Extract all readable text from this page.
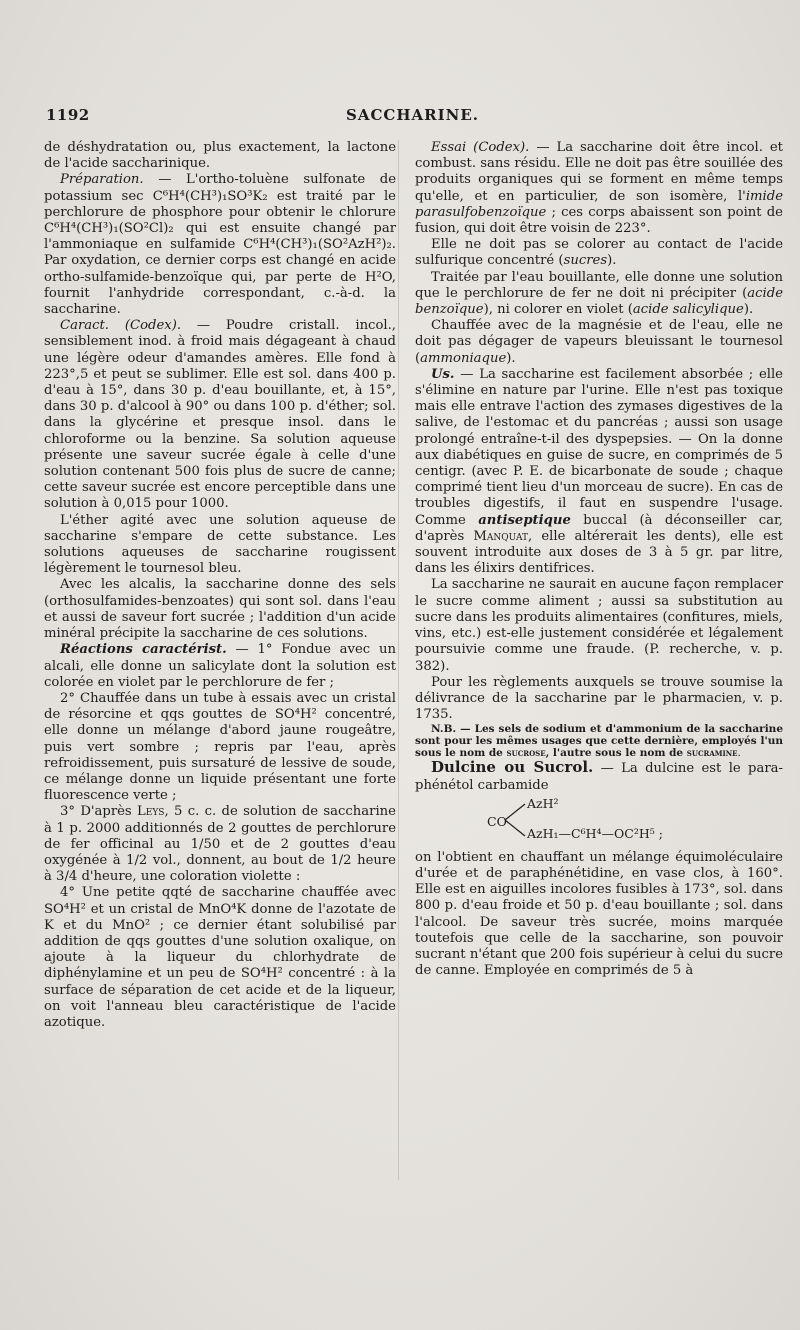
1192	SACCHARINE.

de déshydratation ou, plus exactement, la lactone de l'acide saccharinique.

Préparation. — L'ortho-toluène sulfonate de potassium sec C⁶H⁴(CH³)₁SO³K₂ est traité par le perchlorure de phosphore pour obtenir le chlorure C⁶H⁴(CH³)₁(SO²Cl)₂ qui est ensuite changé par l'ammoniaque en sulfamide C⁶H⁴(CH³)₁(SO²AzH²)₂. Par oxydation, ce dernier corps est changé en acide ortho-sulfamide-benzoïque qui, par perte de H²O, fournit l'anhydride correspondant, c.-à-d. la saccharine.

Caract. (Codex). — Poudre cristall. incol., sensiblement inod. à froid mais dégageant à chaud une légère odeur d'amandes amères. Elle fond à 223°,5 et peut se sublimer. Elle est sol. dans 400 p. d'eau à 15°, dans 30 p. d'eau bouillante, et, à 15°, dans 30 p. d'alcool à 90° ou dans 100 p. d'éther; sol. dans la glycérine et presque insol. dans le chloroforme ou la benzine. Sa solution aqueuse présente une saveur sucrée égale à celle d'une solution contenant 500 fois plus de sucre de canne; cette saveur sucrée est encore perceptible dans une solution à 0,015 pour 1000.

L'éther agité avec une solution aqueuse de saccharine s'empare de cette substance. Les solutions aqueuses de saccharine rougissent légèrement le tournesol bleu.

Avec les alcalis, la saccharine donne des sels (orthosulfamides-benzoates) qui sont sol. dans l'eau et aussi de saveur fort sucrée ; l'addition d'un acide minéral précipite la saccharine de ces solutions.

Réactions caractérist. — 1° Fondue avec un alcali, elle donne un salicylate dont la solution est colorée en violet par le perchlorure de fer ;

2° Chauffée dans un tube à essais avec un cristal de résorcine et qqs gouttes de SO⁴H² concentré, elle donne un mélange d'abord jaune rougeâtre, puis vert sombre ; repris par l'eau, après refroidissement, puis sursaturé de lessive de soude, ce mélange donne un liquide présentant une forte fluorescence verte ;

3° D'après Leys, 5 c. c. de solution de saccharine à 1 p. 2000 additionnés de 2 gouttes de perchlorure de fer officinal au 1/50 et de 2 gouttes d'eau oxygénée à 1/2 vol., donnent, au bout de 1/2 heure à 3/4 d'heure, une coloration violette :

4° Une petite qqté de saccharine chauffée avec SO⁴H² et un cristal de MnO⁴K donne de l'azotate de K et du MnO² ; ce dernier étant solubilisé par addition de qqs gouttes d'une solution oxalique, on ajoute à la liqueur du chlorhydrate de diphénylamine et un peu de SO⁴H² concentré : à la surface de séparation de cet acide et de la liqueur, on voit l'anneau bleu caractéristique de l'acide azotique.

Essai (Codex). — La saccharine doit être incol. et combust. sans résidu. Elle ne doit pas être souillée des produits organiques qui se forment en même temps qu'elle, et en particulier, de son isomère, l'imide parasulfobenzoïque ; ces corps abaissent son point de fusion, qui doit être voisin de 223°.

Elle ne doit pas se colorer au contact de l'acide sulfurique concentré (sucres).

Traitée par l'eau bouillante, elle donne une solution que le perchlorure de fer ne doit ni précipiter (acide benzoïque), ni colorer en violet (acide salicylique).

Chauffée avec de la magnésie et de l'eau, elle ne doit pas dégager de vapeurs bleuissant le tournesol (ammoniaque).

Us. — La saccharine est facilement absorbée ; elle s'élimine en nature par l'urine. Elle n'est pas toxique mais elle entrave l'action des zymases digestives de la salive, de l'estomac et du pancréas ; aussi son usage prolongé entraîne-t-il des dyspepsies. — On la donne aux diabétiques en guise de sucre, en comprimés de 5 centigr. (avec P. E. de bicarbonate de soude ; chaque comprimé tient lieu d'un morceau de sucre). En cas de troubles digestifs, il faut en suspendre l'usage. Comme antiseptique buccal (à déconseiller car, d'après Manquat, elle altérerait les dents), elle est souvent introduite aux doses de 3 à 5 gr. par litre, dans les élixirs dentifrices.

La saccharine ne saurait en aucune façon remplacer le sucre comme aliment ; aussi sa substitution au sucre dans les produits alimentaires (confitures, miels, vins, etc.) est-elle justement considérée et légalement poursuivie comme une fraude. (P. recherche, v. p. 382).

Pour les règlements auxquels se trouve soumise la délivrance de la saccharine par le pharmacien, v. p. 1735.

N.B. — Les sels de sodium et d'ammonium de la saccharine sont pour les mêmes usages que cette dernière, employés l'un sous le nom de sucrose, l'autre sous le nom de sucramine.

Dulcine ou Sucrol. — La dulcine est le para-phénétol carbamide

CO
AzH²
AzH₁—C⁶H⁴—OC²H⁵ ;

on l'obtient en chauffant un mélange équimoléculaire d'urée et de paraphénétidine, en vase clos, à 160°. Elle est en aiguilles incolores fusibles à 173°, sol. dans 800 p. d'eau froide et 50 p. d'eau bouillante ; sol. dans l'alcool. De saveur très sucrée, moins marquée toutefois que celle de la saccharine, son pouvoir sucrant n'étant que 200 fois supérieur à celui du sucre de canne. Employée en comprimés de 5 à
